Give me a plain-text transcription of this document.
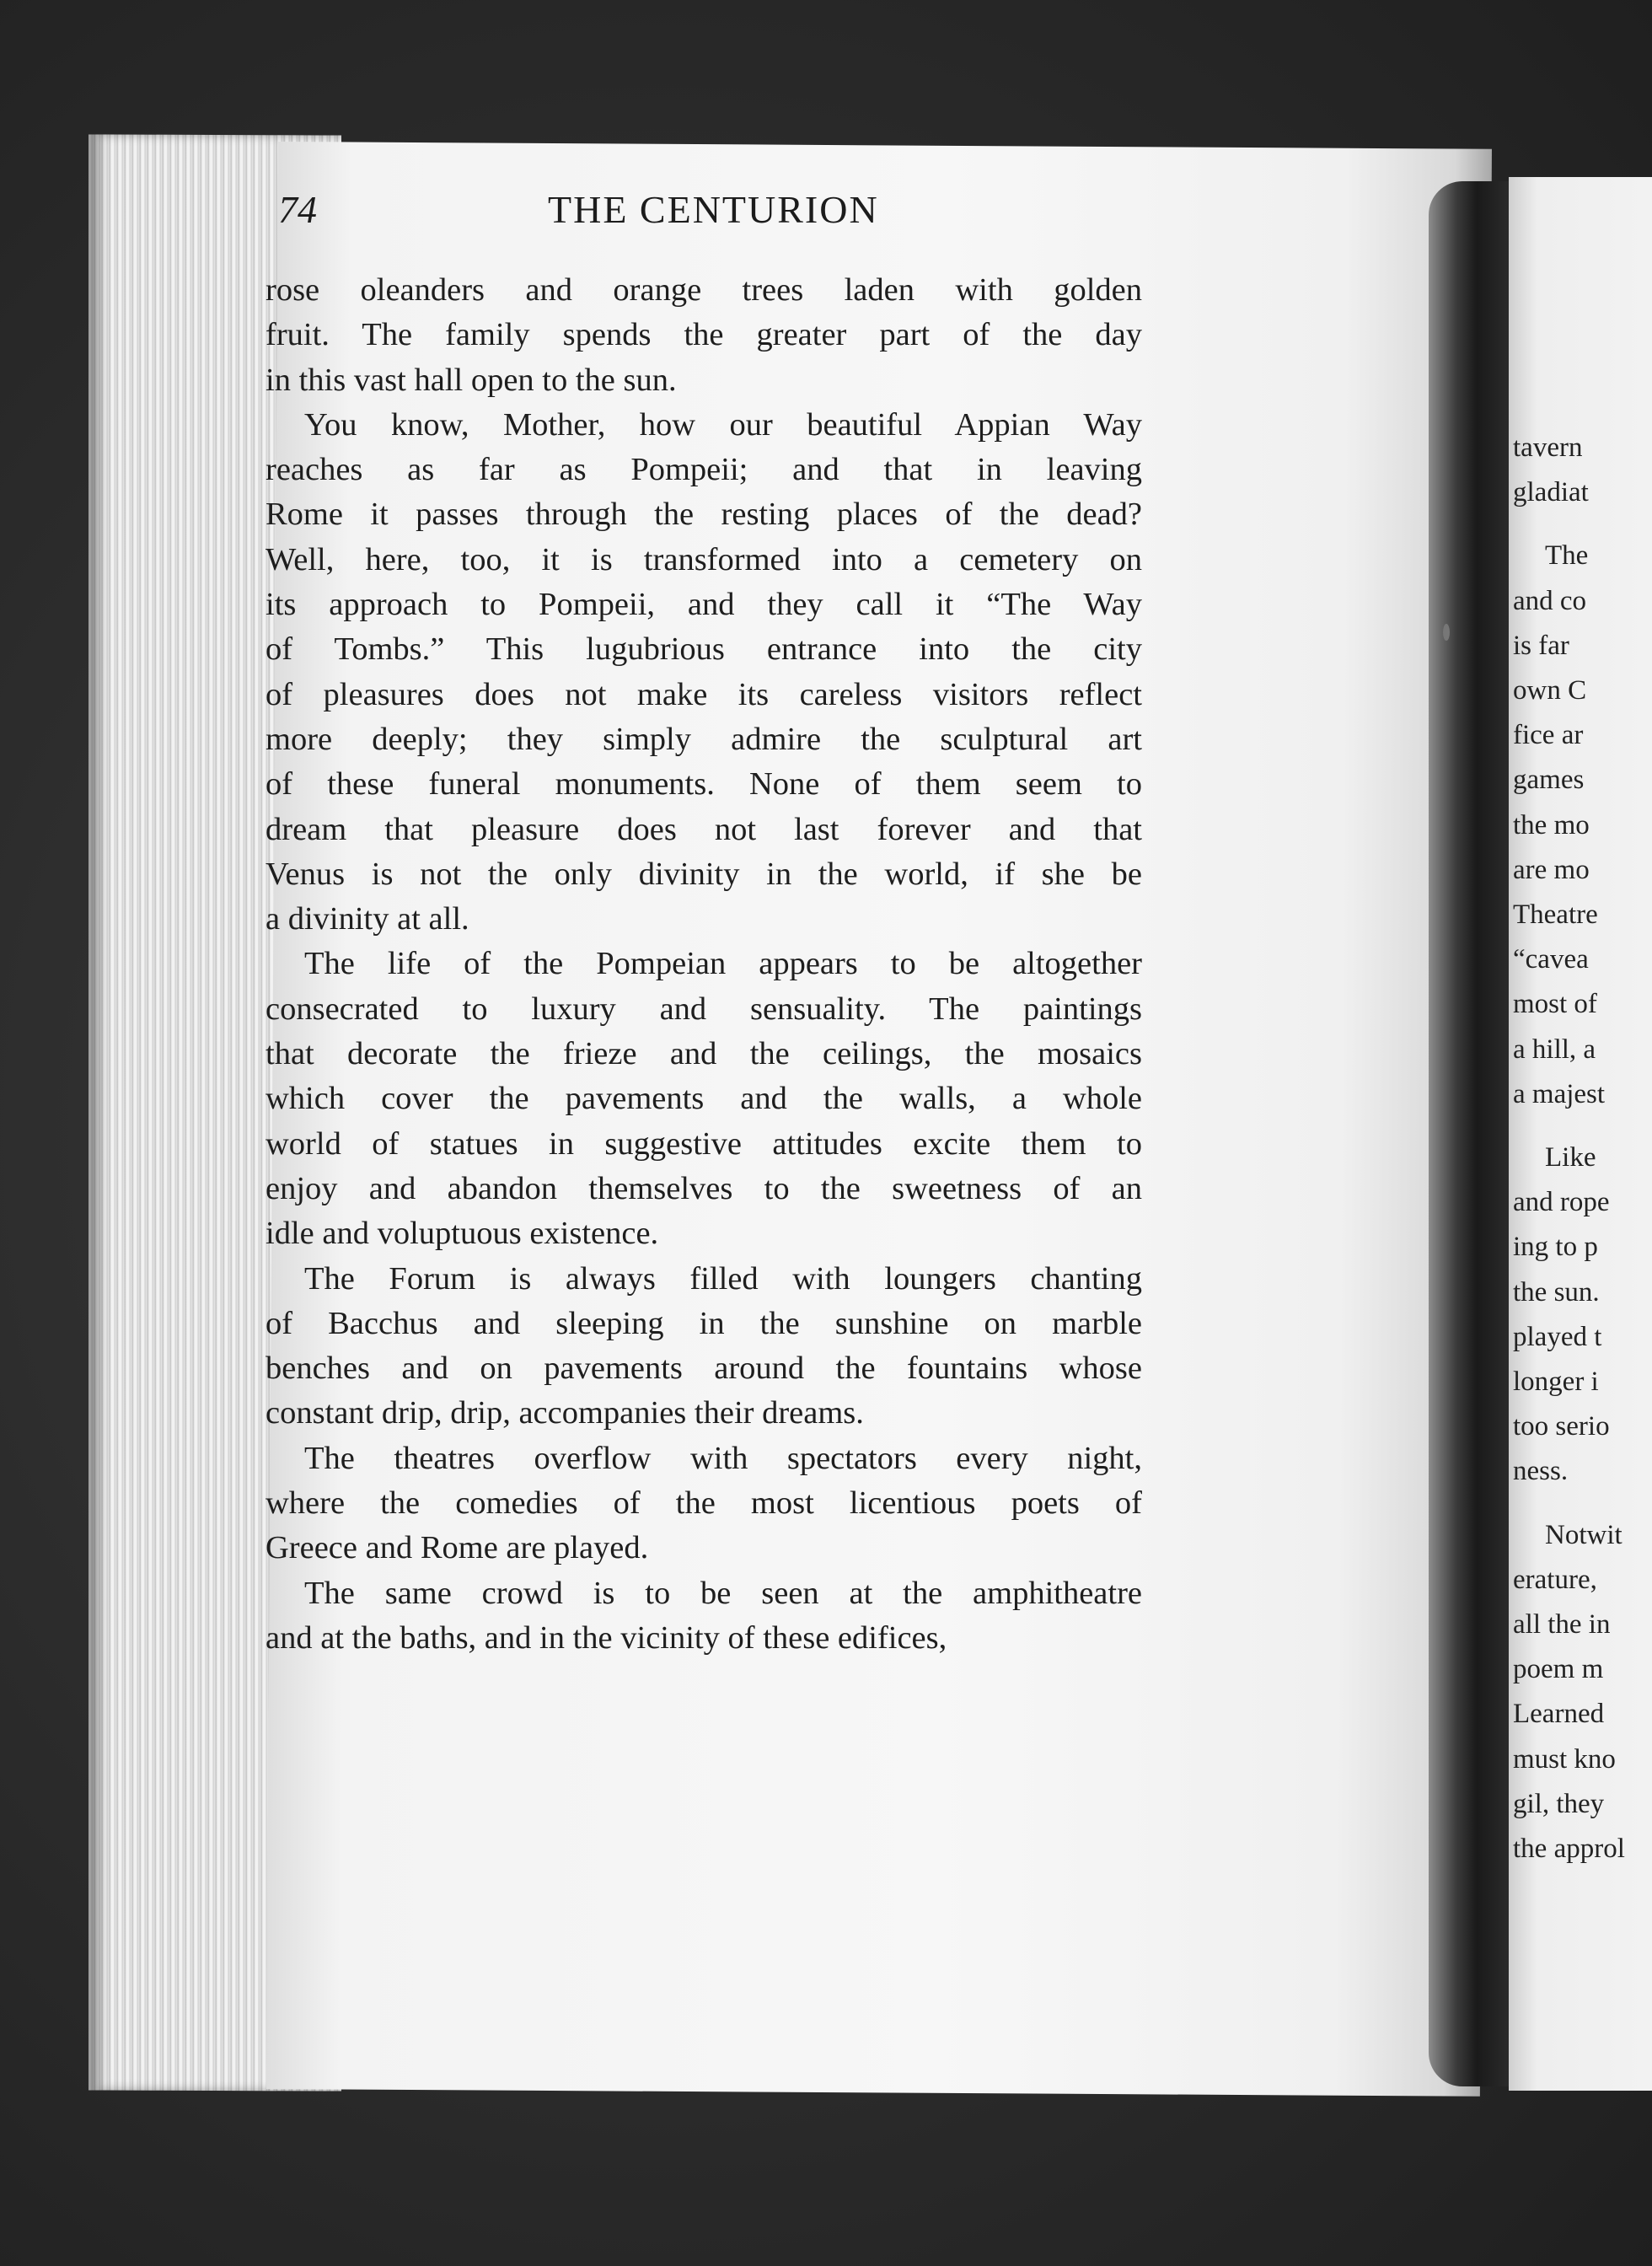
74	THE CENTURION

rose oleanders and orange trees laden with golden
fruit. The family spends the greater part of the day
in this vast hall open to the sun.

You know, Mother, how our beautiful Appian Way
reaches as far as Pompeii; and that in leaving
Rome it passes through the resting places of the dead?
Well, here, too, it is transformed into a cemetery on
its approach to Pompeii, and they call it “The Way
of Tombs.” This lugubrious entrance into the city
of pleasures does not make its careless visitors reflect
more deeply; they simply admire the sculptural art
of these funeral monuments. None of them seem to
dream that pleasure does not last forever and that
Venus is not the only divinity in the world, if she be
a divinity at all.

The life of the Pompeian appears to be altogether
consecrated to luxury and sensuality. The paintings
that decorate the frieze and the ceilings, the mosaics
which cover the pavements and the walls, a whole
world of statues in suggestive attitudes excite them to
enjoy and abandon themselves to the sweetness of an
idle and voluptuous existence.

The Forum is always filled with loungers chanting
of Bacchus and sleeping in the sunshine on marble
benches and on pavements around the fountains whose
constant drip, drip, accompanies their dreams.

The theatres overflow with spectators every night,
where the comedies of the most licentious poets of
Greece and Rome are played.

The same crowd is to be seen at the amphitheatre
and at the baths, and in the vicinity of these edifices,

tavern
gladiat
The
and co
is far
own C
fice ar
games
the mo
are mo
Theatre
“cavea
most of
a hill, a
a majest
Like
and rope
ing to p
the sun.
played t
longer i
too serio
ness.
Notwit
erature,
all the in
poem m
Learned
must kno
gil, they
the approl
